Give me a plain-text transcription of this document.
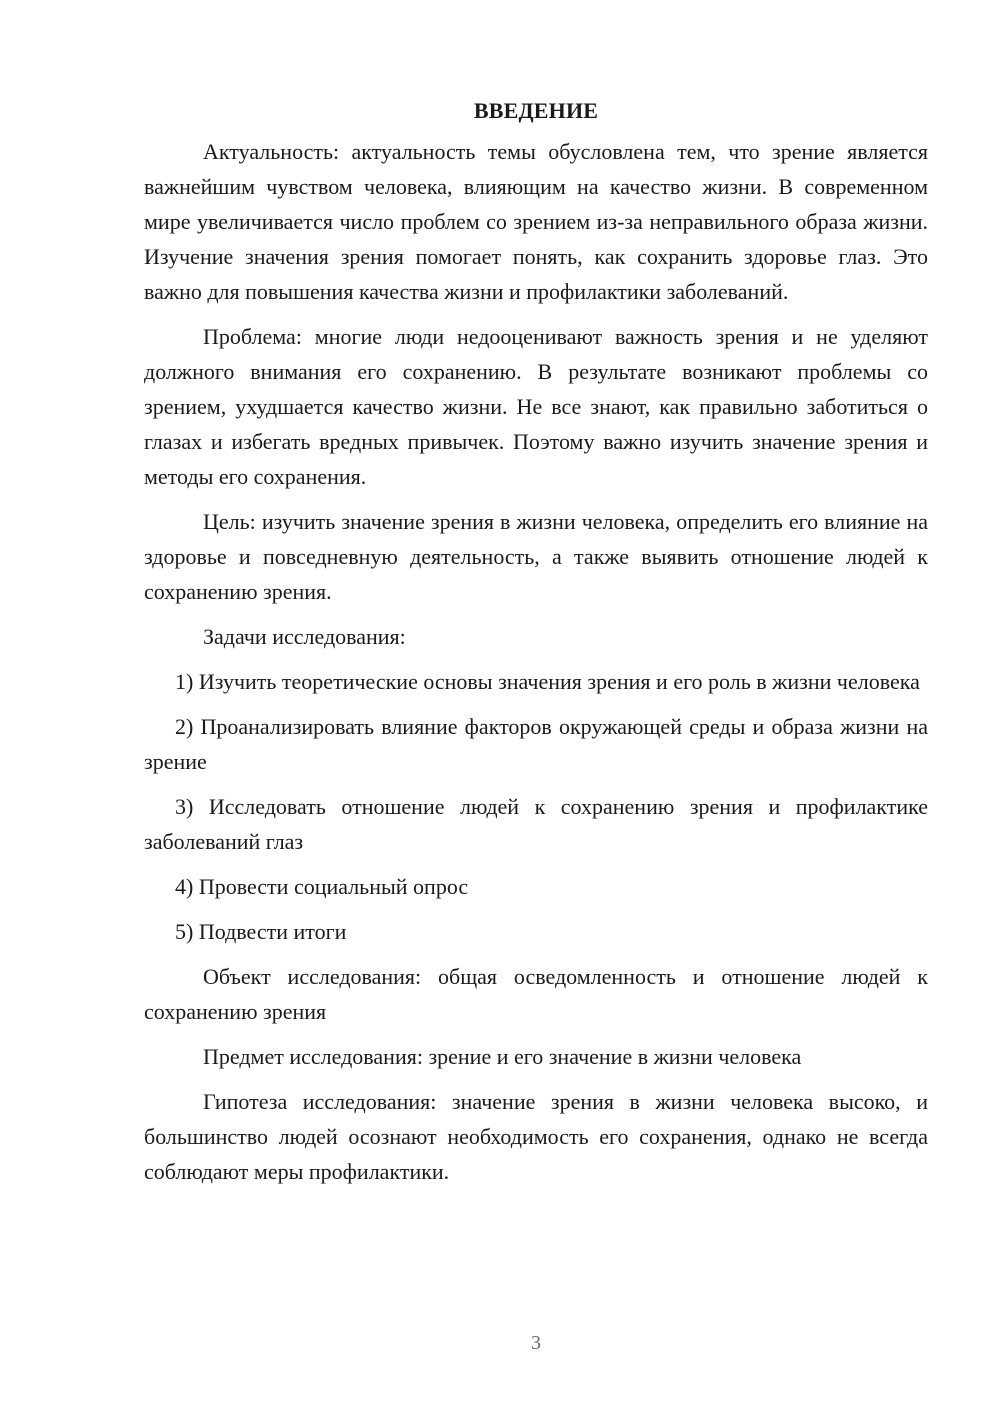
ВВЕДЕНИЕ

Актуальность: актуальность темы обусловлена тем, что зрение является важнейшим чувством человека, влияющим на качество жизни. В современном мире увеличивается число проблем со зрением из-за неправильного образа жизни. Изучение значения зрения помогает понять, как сохранить здоровье глаз. Это важно для повышения качества жизни и профилактики заболеваний.

Проблема: многие люди недооценивают важность зрения и не уделяют должного внимания его сохранению. В результате возникают проблемы со зрением, ухудшается качество жизни. Не все знают, как правильно заботиться о глазах и избегать вредных привычек. Поэтому важно изучить значение зрения и методы его сохранения.

Цель: изучить значение зрения в жизни человека, определить его влияние на здоровье и повседневную деятельность, а также выявить отношение людей к сохранению зрения.

Задачи исследования:

1) Изучить теоретические основы значения зрения и его роль в жизни человека

2) Проанализировать влияние факторов окружающей среды и образа жизни на зрение

3) Исследовать отношение людей к сохранению зрения и профилактике заболеваний глаз

4) Провести социальный опрос

5) Подвести итоги

Объект исследования: общая осведомленность и отношение людей к сохранению зрения

Предмет исследования: зрение и его значение в жизни человека

Гипотеза исследования: значение зрения в жизни человека высоко, и большинство людей осознают необходимость его сохранения, однако не всегда соблюдают меры профилактики.

3
